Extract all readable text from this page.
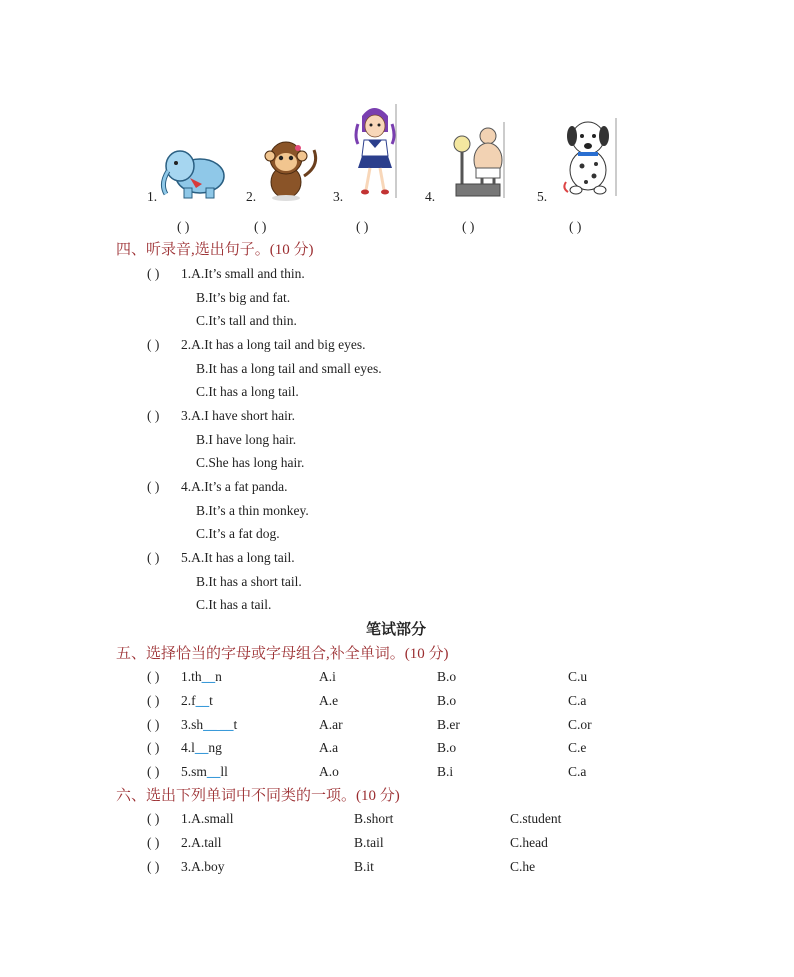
1.	2.	3.	4.	5.
( )	( )	( )	( )	( )
四、听录音,选出句子。(10 分)
( ) 1.A.It’s small and thin.
B.It’s big and fat.
C.It’s tall and thin.
( ) 2.A.It has a long tail and big eyes.
B.It has a long tail and small eyes.
C.It has a long tail.
( ) 3.A.I have short hair.
B.I have long hair.
C.She has long hair.
( ) 4.A.It’s a fat panda.
B.It’s a thin monkey.
C.It’s a fat dog.
( ) 5.A.It has a long tail.
B.It has a short tail.
C.It has a tail.
笔试部分
五、选择恰当的字母或字母组合,补全单词。(10 分)
( ) 1.th__n	A.i	B.o	C.u
( ) 2.f__t	A.e	B.o	C.a
( ) 3.sh__ __t	A.ar	B.er	C.or
( ) 4.l__ng	A.a	B.o	C.e
( ) 5.sm__ll	A.o	B.i	C.a
六、选出下列单词中不同类的一项。(10 分)
( ) 1.A.small	B.short	C.student
( ) 2.A.tall	B.tail	C.head
( ) 3.A.boy	B.it	C.he
